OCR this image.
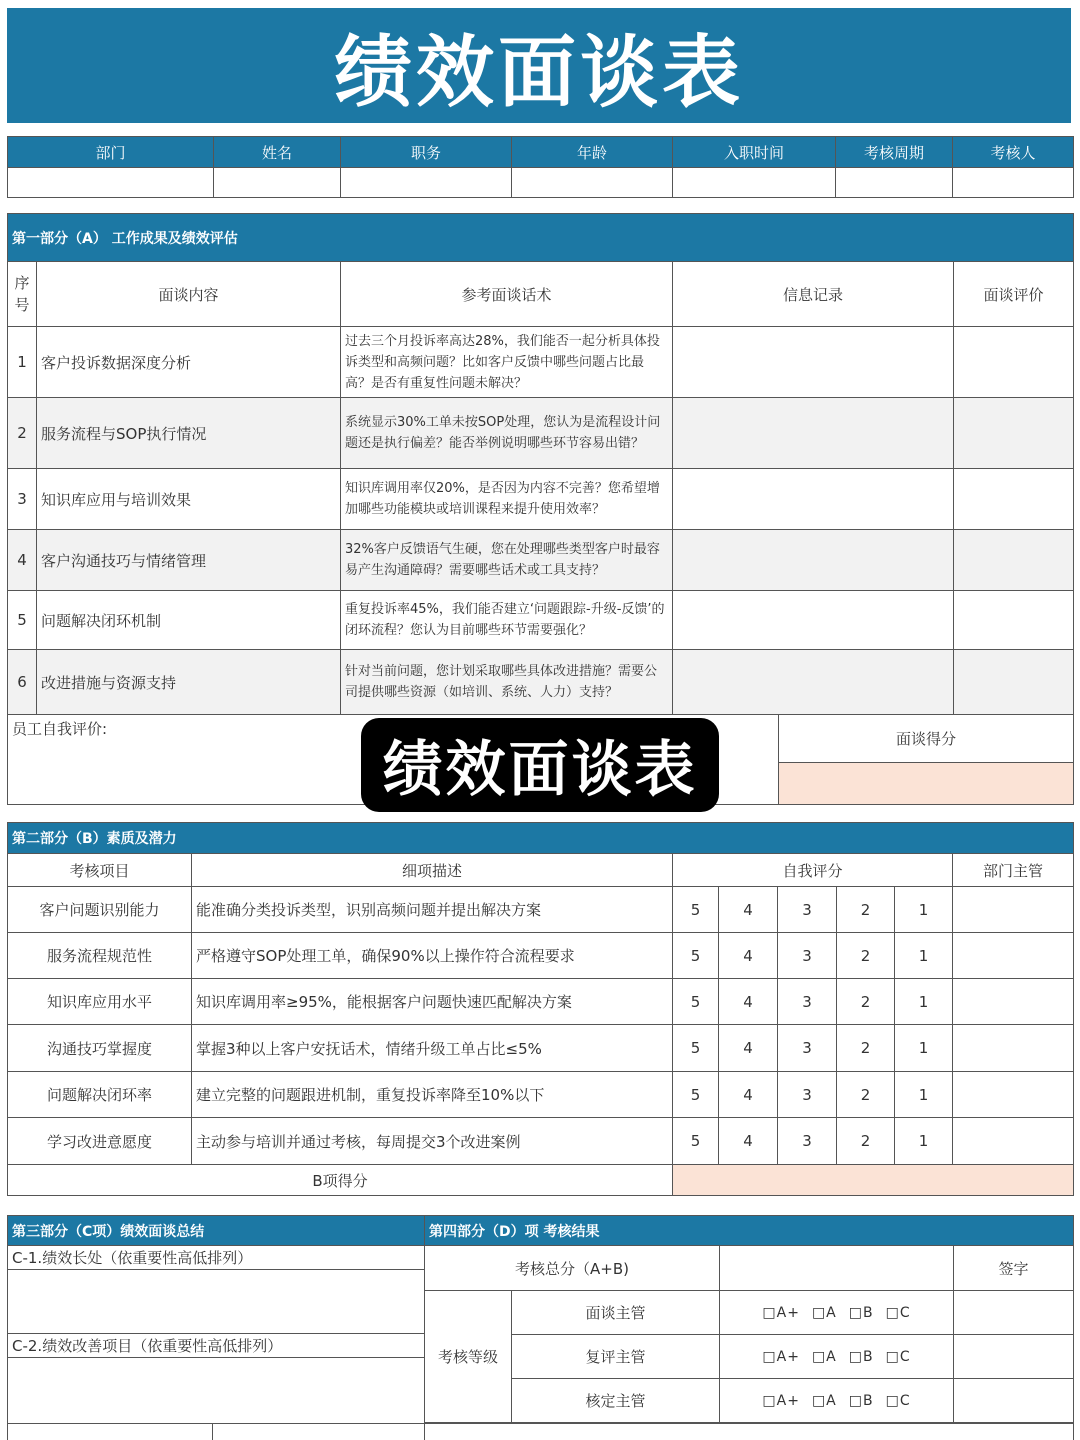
绩效面谈表
部门	姓名	职务	年龄	入职时间	考核周期	考核人

第一部分（A） 工作成果及绩效评估				
序号	面谈内容	参考面谈话术	信息记录	面谈评价
1	客户投诉数据深度分析	过去三个月投诉率高达28%，我们能否一起分析具体投诉类型和高频问题？比如客户反馈中哪些问题占比最高？是否有重复性问题未解决？		
2	服务流程与SOP执行情况	系统显示30%工单未按SOP处理，您认为是流程设计问题还是执行偏差？能否举例说明哪些环节容易出错？		
3	知识库应用与培训效果	知识库调用率仅20%，是否因为内容不完善？您希望增加哪些功能模块或培训课程来提升使用效率？		
4	客户沟通技巧与情绪管理	32%客户反馈语气生硬，您在处理哪些类型客户时最容易产生沟通障碍？需要哪些话术或工具支持？		
5	问题解决闭环机制	重复投诉率45%，我们能否建立‘问题跟踪-升级-反馈’的闭环流程？您认为目前哪些环节需要强化？		
6	改进措施与资源支持	针对当前问题，您计划采取哪些具体改进措施？需要公司提供哪些资源（如培训、系统、人力）支持？		
员工自我评价:	面谈得分

绩效面谈表
第二部分（B）素质及潜力							
考核项目	细项描述	自我评分					部门主管
客户问题识别能力	能准确分类投诉类型，识别高频问题并提出解决方案	5	4	3	2	1	
服务流程规范性	严格遵守SOP处理工单，确保90%以上操作符合流程要求	5	4	3	2	1	
知识库应用水平	知识库调用率≥95%，能根据客户问题快速匹配解决方案	5	4	3	2	1	
沟通技巧掌握度	掌握3种以上客户安抚话术，情绪升级工单占比≤5%	5	4	3	2	1	
问题解决闭环率	建立完整的问题跟进机制，重复投诉率降至10%以下	5	4	3	2	1	
学习改进意愿度	主动参与培训并通过考核，每周提交3个改进案例	5	4	3	2	1	
B项得分							
第三部分（C项）绩效面谈总结
C-1.绩效长处（依重要性高低排列）

C-2.绩效改善项目（依重要性高低排列）

第四部分（D）项 考核结果			
考核总分（A+B)			签字
考核等级	面谈主管	□A+ □A □B □C	
	复评主管	□A+ □A □B □C	
	核定主管	□A+ □A □B □C	
